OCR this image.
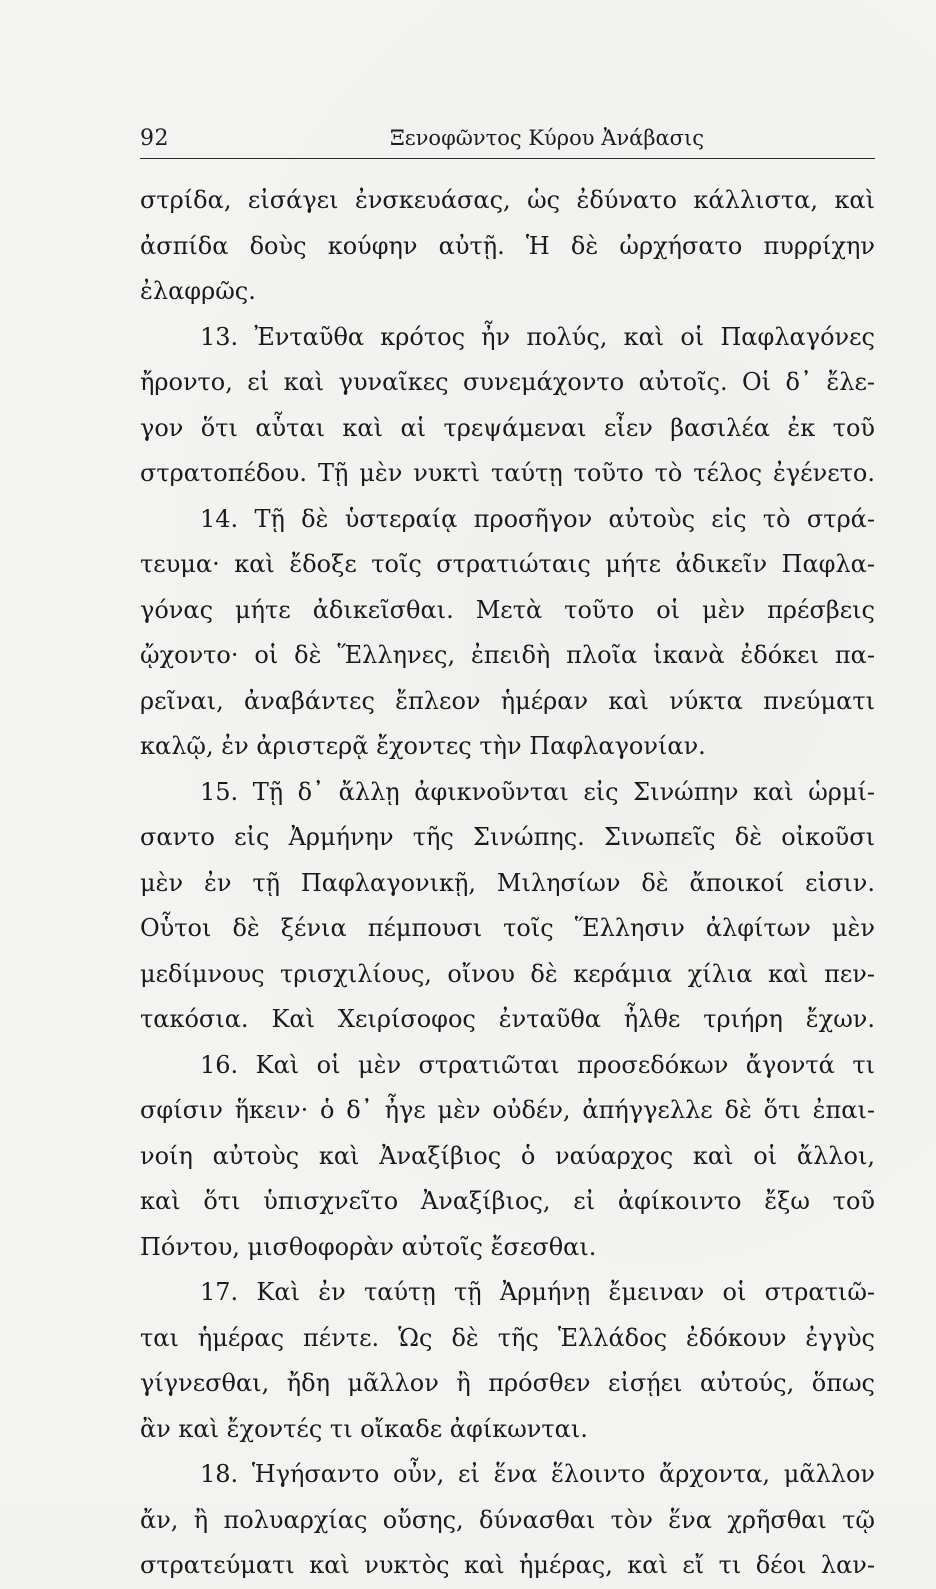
92	Ξενοφῶντος Κύρου Ἀνάβασις
στρίδα, εἰσάγει ἐνσκευάσας, ὡς ἐδύνατο κάλλιστα, καὶ
ἀσπίδα δοὺς κούφην αὐτῇ. Ἡ δὲ ὠρχήσατο πυρρίχην
ἐλαφρῶς.
13. Ἐνταῦθα κρότος ἦν πολύς, καὶ οἱ Παφλαγόνες
ἤροντο, εἰ καὶ γυναῖκες συνεμάχοντο αὐτοῖς. Οἱ δ᾽ ἔλε-
γον ὅτι αὗται καὶ αἱ τρεψάμεναι εἶεν βασιλέα ἐκ τοῦ
στρατοπέδου. Τῇ μὲν νυκτὶ ταύτῃ τοῦτο τὸ τέλος ἐγένετο.
14. Τῇ δὲ ὑστεραίᾳ προσῆγον αὐτοὺς εἰς τὸ στρά-
τευμα· καὶ ἔδοξε τοῖς στρατιώταις μήτε ἀδικεῖν Παφλα-
γόνας μήτε ἀδικεῖσθαι. Μετὰ τοῦτο οἱ μὲν πρέσβεις
ᾤχοντο· οἱ δὲ Ἕλληνες, ἐπειδὴ πλοῖα ἱκανὰ ἐδόκει πα-
ρεῖναι, ἀναβάντες ἔπλεον ἡμέραν καὶ νύκτα πνεύματι
καλῷ, ἐν ἀριστερᾷ ἔχοντες τὴν Παφλαγονίαν.
15. Τῇ δ᾽ ἄλλῃ ἀφικνοῦνται εἰς Σινώπην καὶ ὡρμί-
σαντο εἰς Ἀρμήνην τῆς Σινώπης. Σινωπεῖς δὲ οἰκοῦσι
μὲν ἐν τῇ Παφλαγονικῇ, Μιλησίων δὲ ἄποικοί εἰσιν.
Οὗτοι δὲ ξένια πέμπουσι τοῖς Ἕλλησιν ἀλφίτων μὲν
μεδίμνους τρισχιλίους, οἴνου δὲ κεράμια χίλια καὶ πεν-
τακόσια. Καὶ Χειρίσοφος ἐνταῦθα ἦλθε τριήρη ἔχων.
16. Καὶ οἱ μὲν στρατιῶται προσεδόκων ἄγοντά τι
σφίσιν ἥκειν· ὁ δ᾽ ἦγε μὲν οὐδέν, ἀπήγγελλε δὲ ὅτι ἐπαι-
νοίη αὐτοὺς καὶ Ἀναξίβιος ὁ ναύαρχος καὶ οἱ ἄλλοι,
καὶ ὅτι ὑπισχνεῖτο Ἀναξίβιος, εἰ ἀφίκοιντο ἔξω τοῦ
Πόντου, μισθοφορὰν αὐτοῖς ἔσεσθαι.
17. Καὶ ἐν ταύτῃ τῇ Ἀρμήνῃ ἔμειναν οἱ στρατιῶ-
ται ἡμέρας πέντε. Ὡς δὲ τῆς Ἑλλάδος ἐδόκουν ἐγγὺς
γίγνεσθαι, ἤδη μᾶλλον ἢ πρόσθεν εἰσῄει αὐτούς, ὅπως
ἂν καὶ ἔχοντές τι οἴκαδε ἀφίκωνται.
18. Ἡγήσαντο οὖν, εἰ ἕνα ἕλοιντο ἄρχοντα, μᾶλλον
ἄν, ἢ πολυαρχίας οὔσης, δύνασθαι τὸν ἕνα χρῆσθαι τῷ
στρατεύματι καὶ νυκτὸς καὶ ἡμέρας, καὶ εἴ τι δέοι λαν-
